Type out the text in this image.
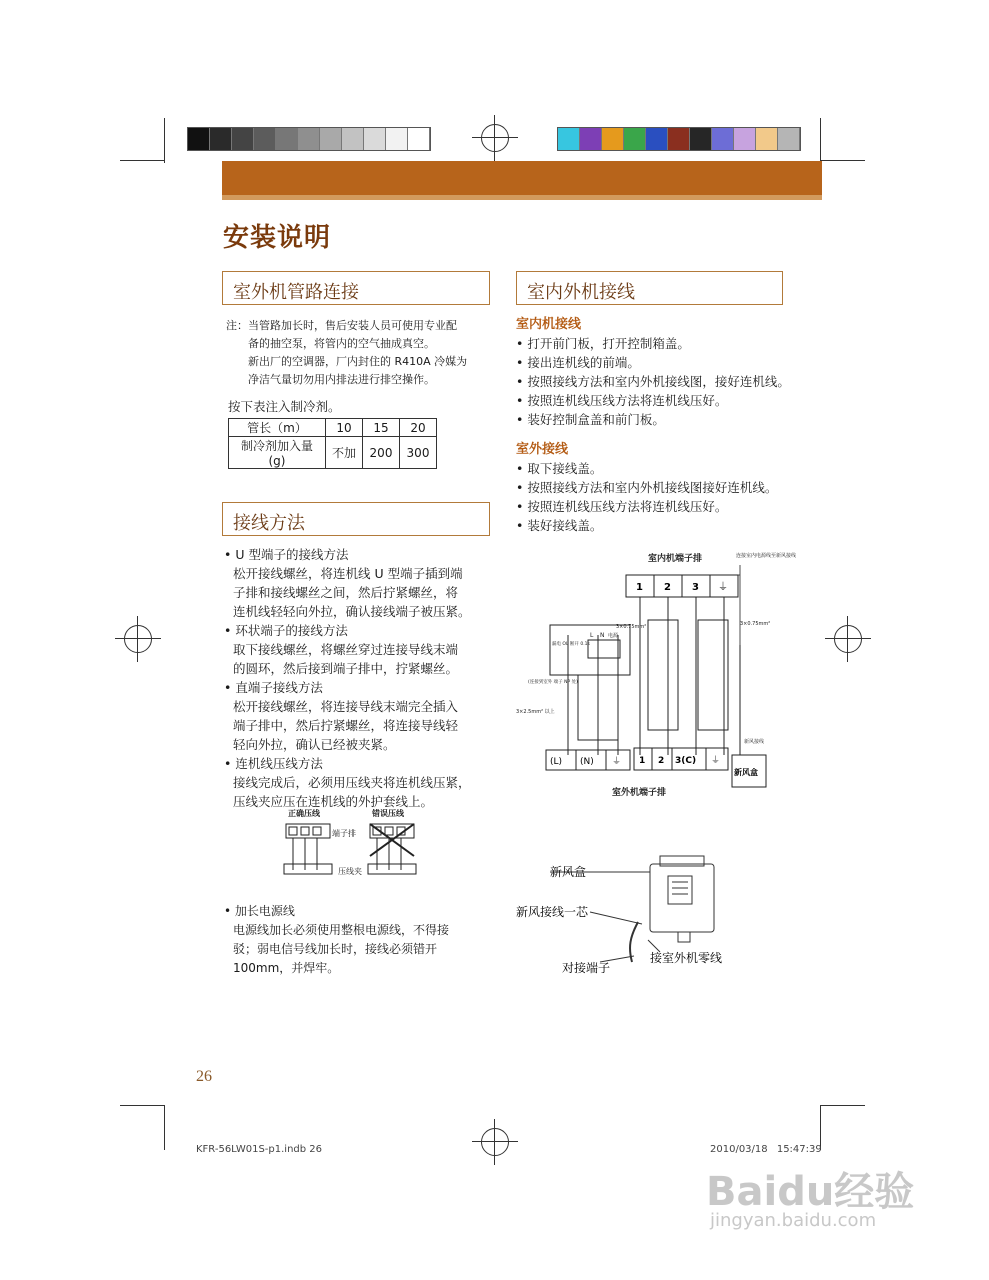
安装说明
室外机管路连接
注：当管路加长时，售后安装人员可使用专业配
备的抽空泵，将管内的空气抽成真空。
新出厂的空调器，厂内封住的 R410A 冷媒为
净洁气量切勿用内排法进行排空操作。
按下表注入制冷剂。
管长（m）	10	15	20
制冷剂加入量 (g)	不加	200	300
接线方法
• U 型端子的接线方法
松开接线螺丝，将连机线 U 型端子插到端
子排和接线螺丝之间，然后拧紧螺丝，将
连机线轻轻向外拉，确认接线端子被压紧。
• 环状端子的接线方法
取下接线螺丝，将螺丝穿过连接导线末端
的圆环，然后接到端子排中，拧紧螺丝。
• 直端子接线方法
松开接线螺丝，将连接导线末端完全插入
端子排中，然后拧紧螺丝，将连接导线轻
轻向外拉，确认已经被夹紧。
• 连机线压线方法
接线完成后，必须用压线夹将连机线压紧，
压线夹应压在连机线的外护套线上。
正确压线	错误压线
端子排
压线夹
• 加长电源线
电源线加长必须使用整根电源线，不得接
驳；弱电信号线加长时，接线必须错开
100mm，并焊牢。
室内外机接线
室内机接线
• 打开前门板，打开控制箱盖。
• 接出连机线的前端。
• 按照接线方法和室内外机接线图，接好连机线。
• 按照连机线压线方法将连机线压好。
• 装好控制盒盖和前门板。
室外接线
• 取下接线盖。
• 按照接线方法和室内外机接线图接好连机线。
• 按照连机线压线方法将连机线压好。
• 装好接线盖。
室内机端子排	连接室内电源线至新风接线
1 2 3 ⏚
3×0.75mm²	3×0.75mm²
3×2.5mm² 以上
电源
L N
漏电 OL 断开 0.1s
(连接到室外 端子 NP 处)
新风接线
(L) (N) ⏚ 1 2 3(C) ⏚
新风盒
室外机端子排
新风盒
新风接线一芯
接室外机零线
对接端子
26
KFR-56LW01S-p1.indb 26	2010/03/18 15:47:39
Baidu经验
jingyan.baidu.com
